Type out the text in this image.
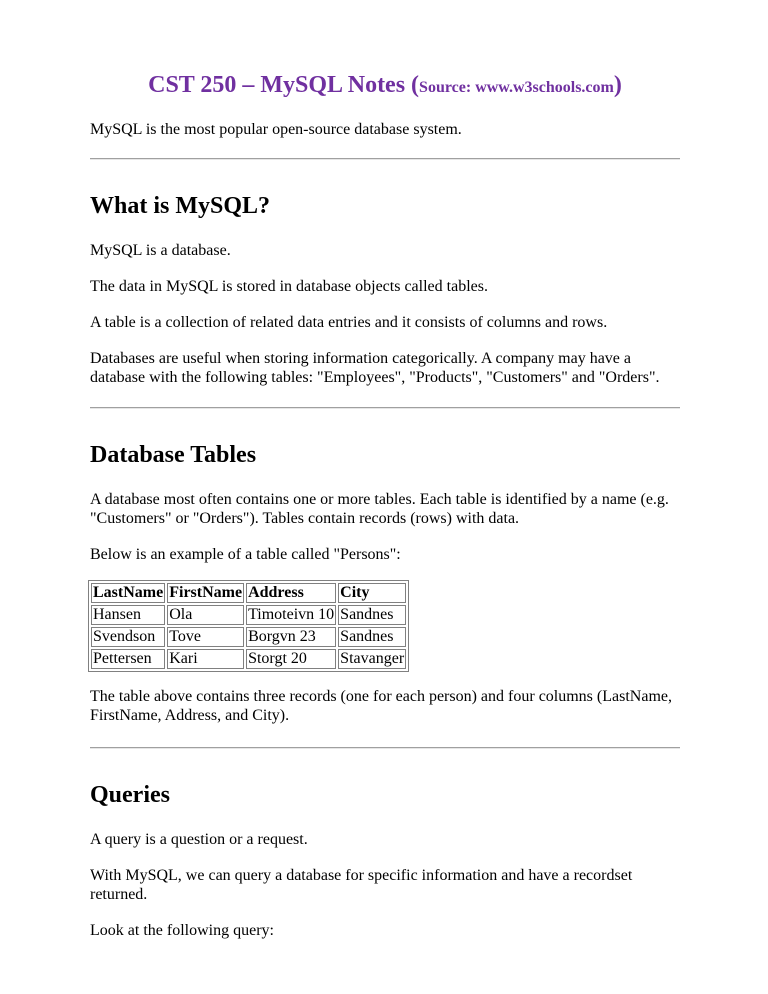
CST 250 – MySQL Notes (Source: www.w3schools.com)

MySQL is the most popular open-source database system.

What is MySQL?

MySQL is a database.

The data in MySQL is stored in database objects called tables.

A table is a collection of related data entries and it consists of columns and rows.

Databases are useful when storing information categorically. A company may have a database with the following tables: "Employees", "Products", "Customers" and "Orders".

Database Tables

A database most often contains one or more tables. Each table is identified by a name (e.g. "Customers" or "Orders"). Tables contain records (rows) with data.

Below is an example of a table called "Persons":

LastName	FirstName	Address	City
Hansen	Ola	Timoteivn 10	Sandnes
Svendson	Tove	Borgvn 23	Sandnes
Pettersen	Kari	Storgt 20	Stavanger

The table above contains three records (one for each person) and four columns (LastName, FirstName, Address, and City).

Queries

A query is a question or a request.

With MySQL, we can query a database for specific information and have a recordset returned.

Look at the following query:
